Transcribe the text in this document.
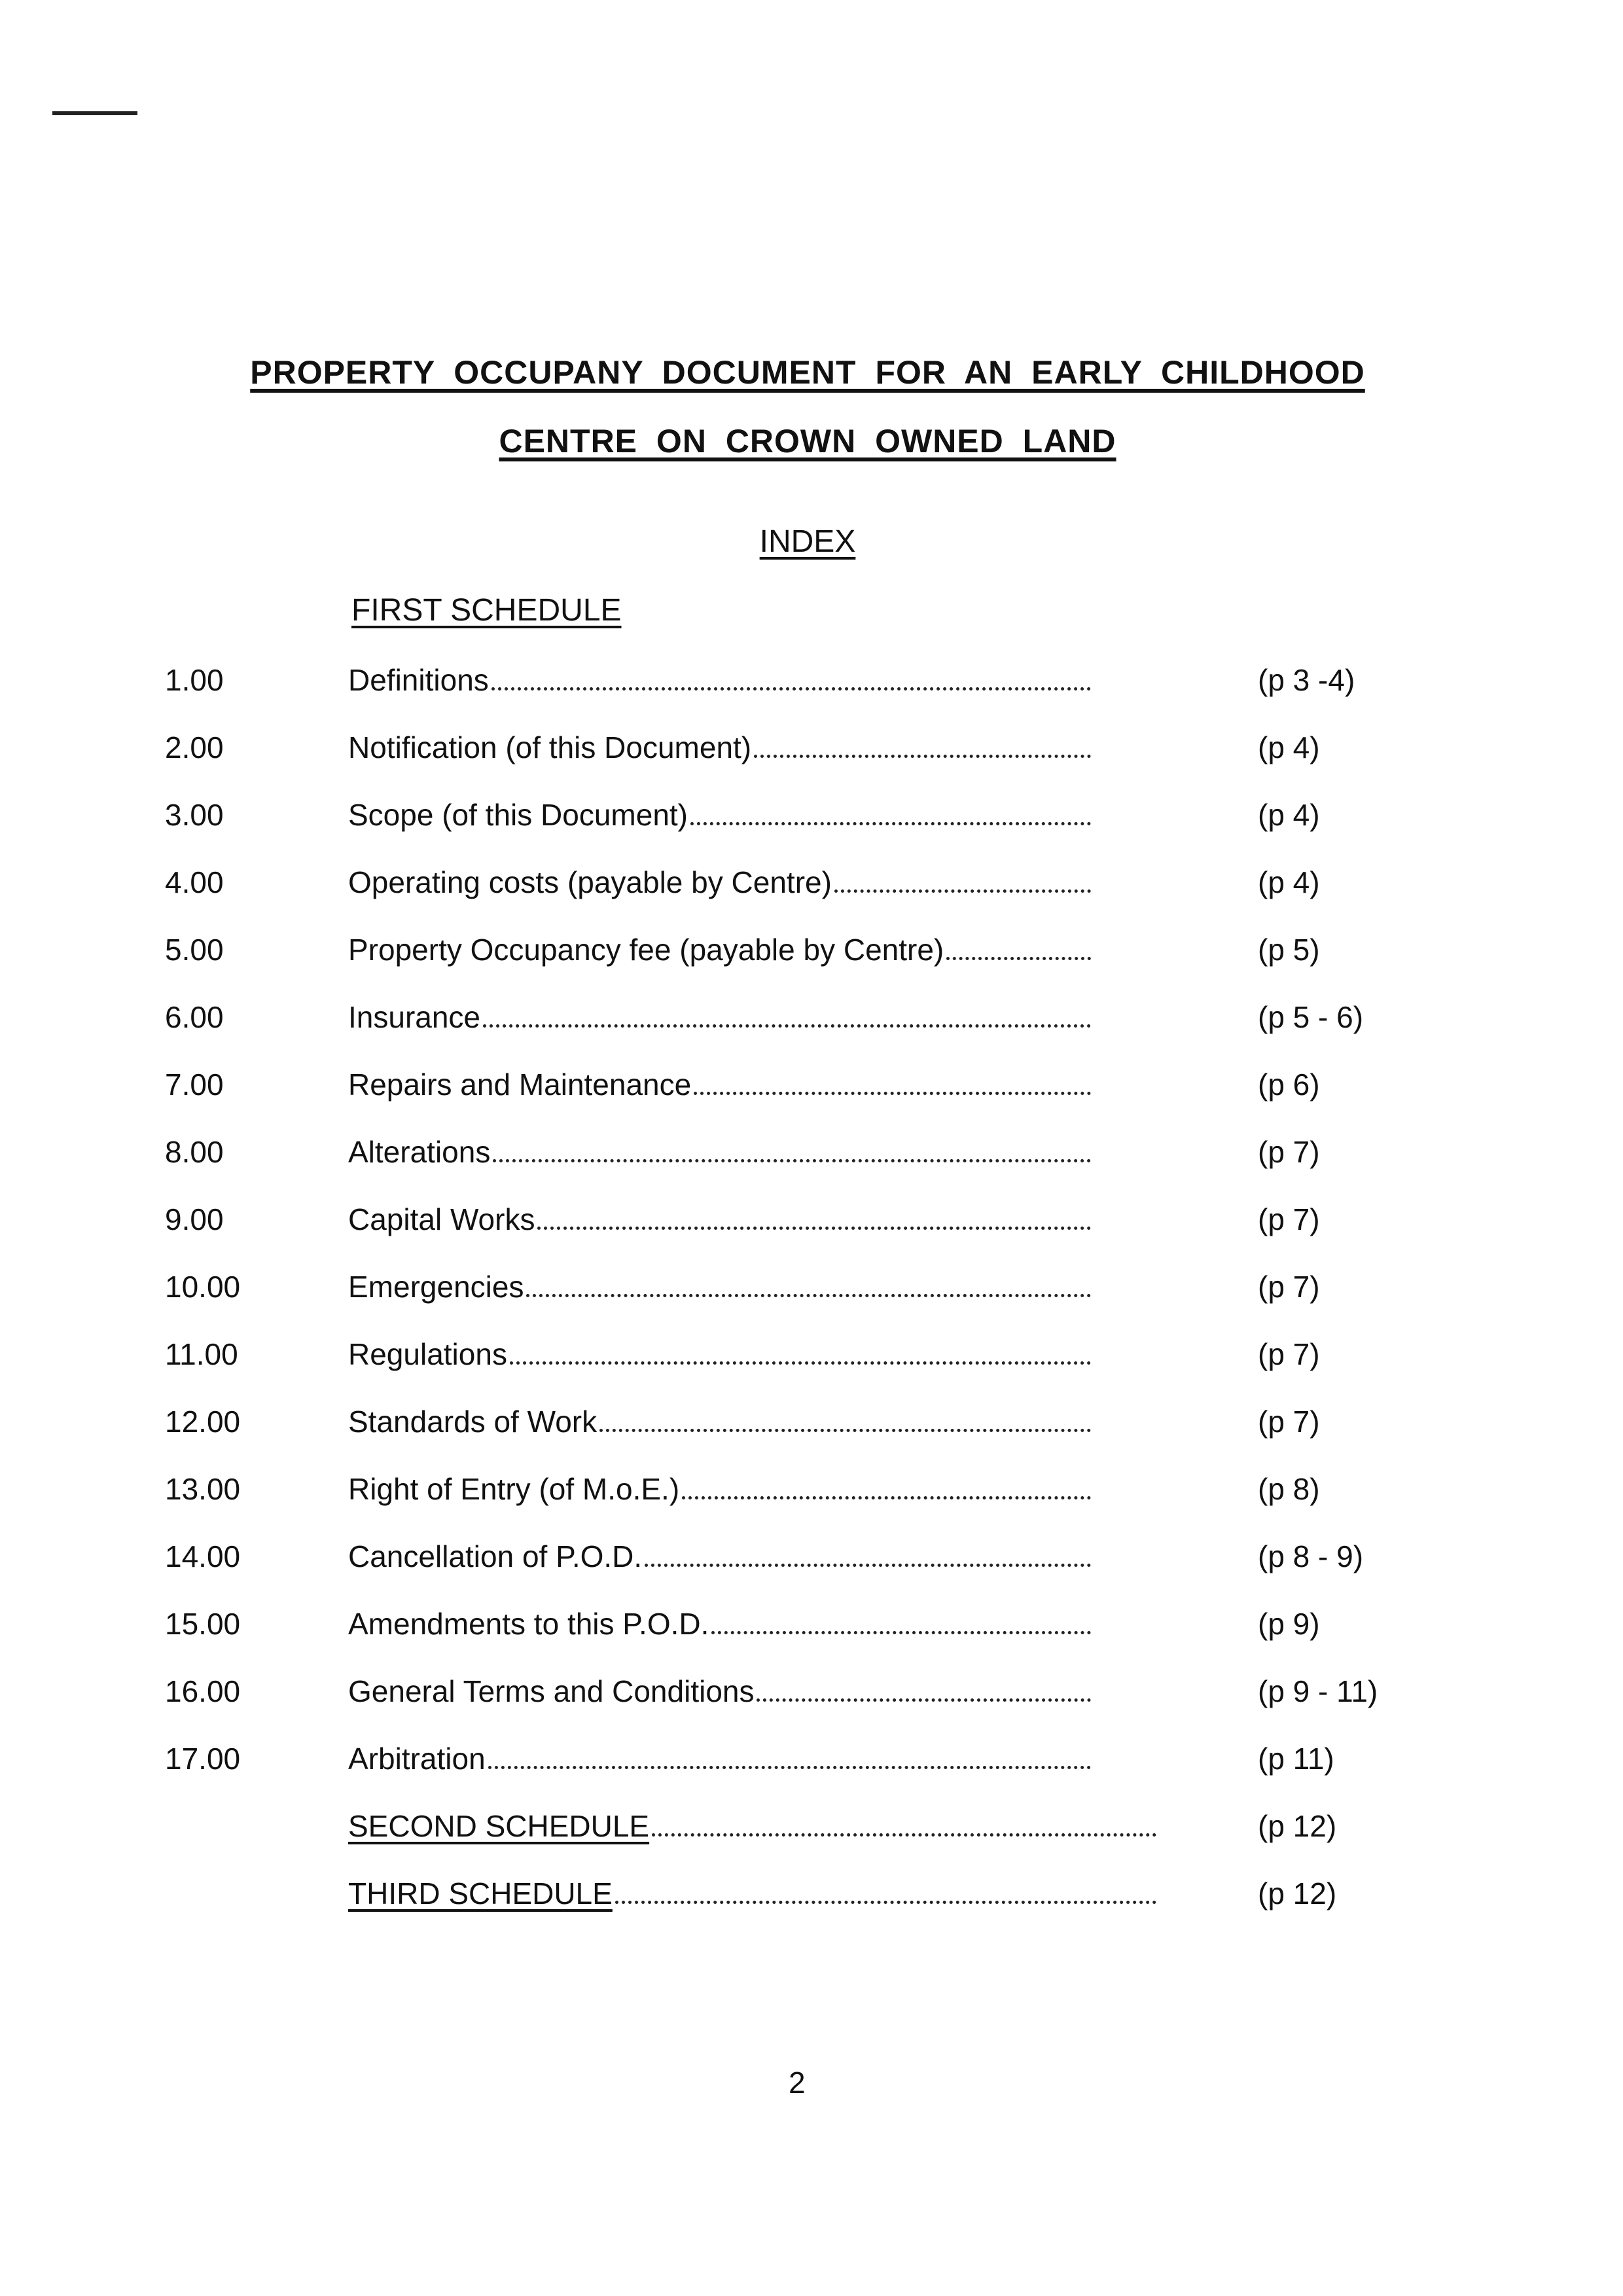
PROPERTY OCCUPANY DOCUMENT FOR AN EARLY CHILDHOOD
CENTRE ON CROWN OWNED LAND
INDEX
FIRST SCHEDULE
1.00	Definitions	(p 3 -4)
2.00	Notification (of this Document)	(p 4)
3.00	Scope (of this Document)	(p 4)
4.00	Operating costs (payable by Centre)	(p 4)
5.00	Property Occupancy fee (payable by Centre)	(p 5)
6.00	Insurance	(p 5 - 6)
7.00	Repairs and Maintenance	(p 6)
8.00	Alterations	(p 7)
9.00	Capital Works	(p 7)
10.00	Emergencies	(p 7)
11.00	Regulations	(p 7)
12.00	Standards of Work	(p 7)
13.00	Right of Entry (of M.o.E.)	(p 8)
14.00	Cancellation of P.O.D.	(p 8 - 9)
15.00	Amendments to this P.O.D.	(p 9)
16.00	General Terms and Conditions	(p 9 - 11)
17.00	Arbitration	(p 11)
SECOND SCHEDULE	(p 12)
THIRD SCHEDULE	(p 12)
2
